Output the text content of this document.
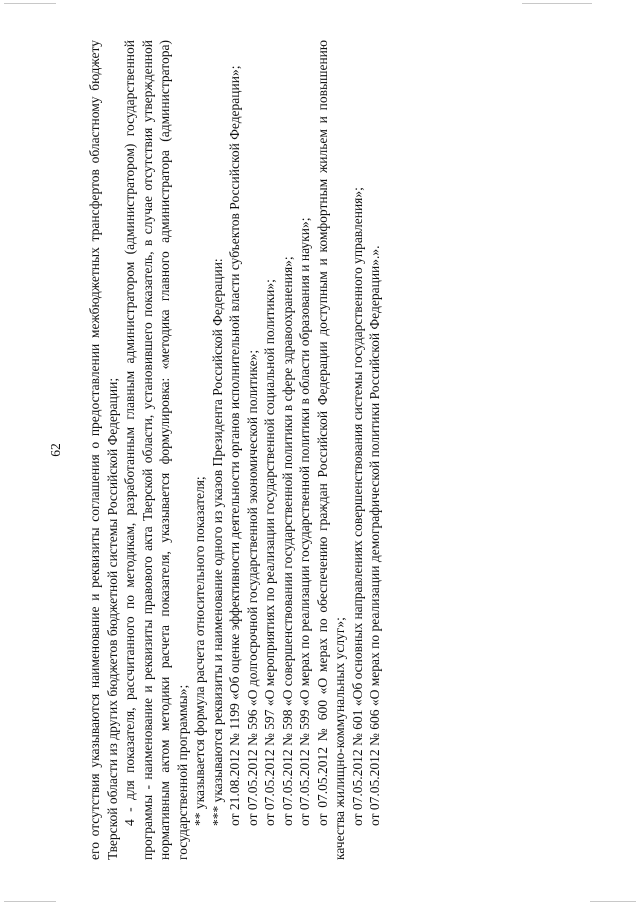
62 его отсутствия указываются наименование и реквизиты соглашения о предоставлении межбюджетных трансфертов областному бюджету Тверской области из других бюджетов бюджетной системы Российской Федерации; 4 - для показателя, рассчитанного по методикам, разработанным главным администратором (администратором) государственной программы - наименование и реквизиты правового акта Тверской области, установившего показатель, в случае отсутствия утвержденной нормативным актом методики расчета показателя, указывается формулировка: «методика главного администратора (администратора) государственной программы»; ** указывается формула расчета относительного показателя; *** указываются реквизиты и наименование одного из указов Президента Российской Федерации: от 21.08.2012 № 1199 «Об оценке эффективности деятельности органов исполнительной власти субъектов Российской Федерации»; от 07.05.2012 № 596 «О долгосрочной государственной экономической политике»; от 07.05.2012 № 597 «О мероприятиях по реализации государственной социальной политики»; от 07.05.2012 № 598 «О совершенствовании государственной политики в сфере здравоохранения»; от 07.05.2012 № 599 «О мерах по реализации государственной политики в области образования и науки»; от 07.05.2012 № 600 «О мерах по обеспечению граждан Российской Федерации доступным и комфортным жильем и повышению качества жилищно-коммунальных услуг»; от 07.05.2012 № 601 «Об основных направлениях совершенствования системы государственного управления»; от 07.05.2012 № 606 «О мерах по реализации демографической политики Российской Федерации».».
